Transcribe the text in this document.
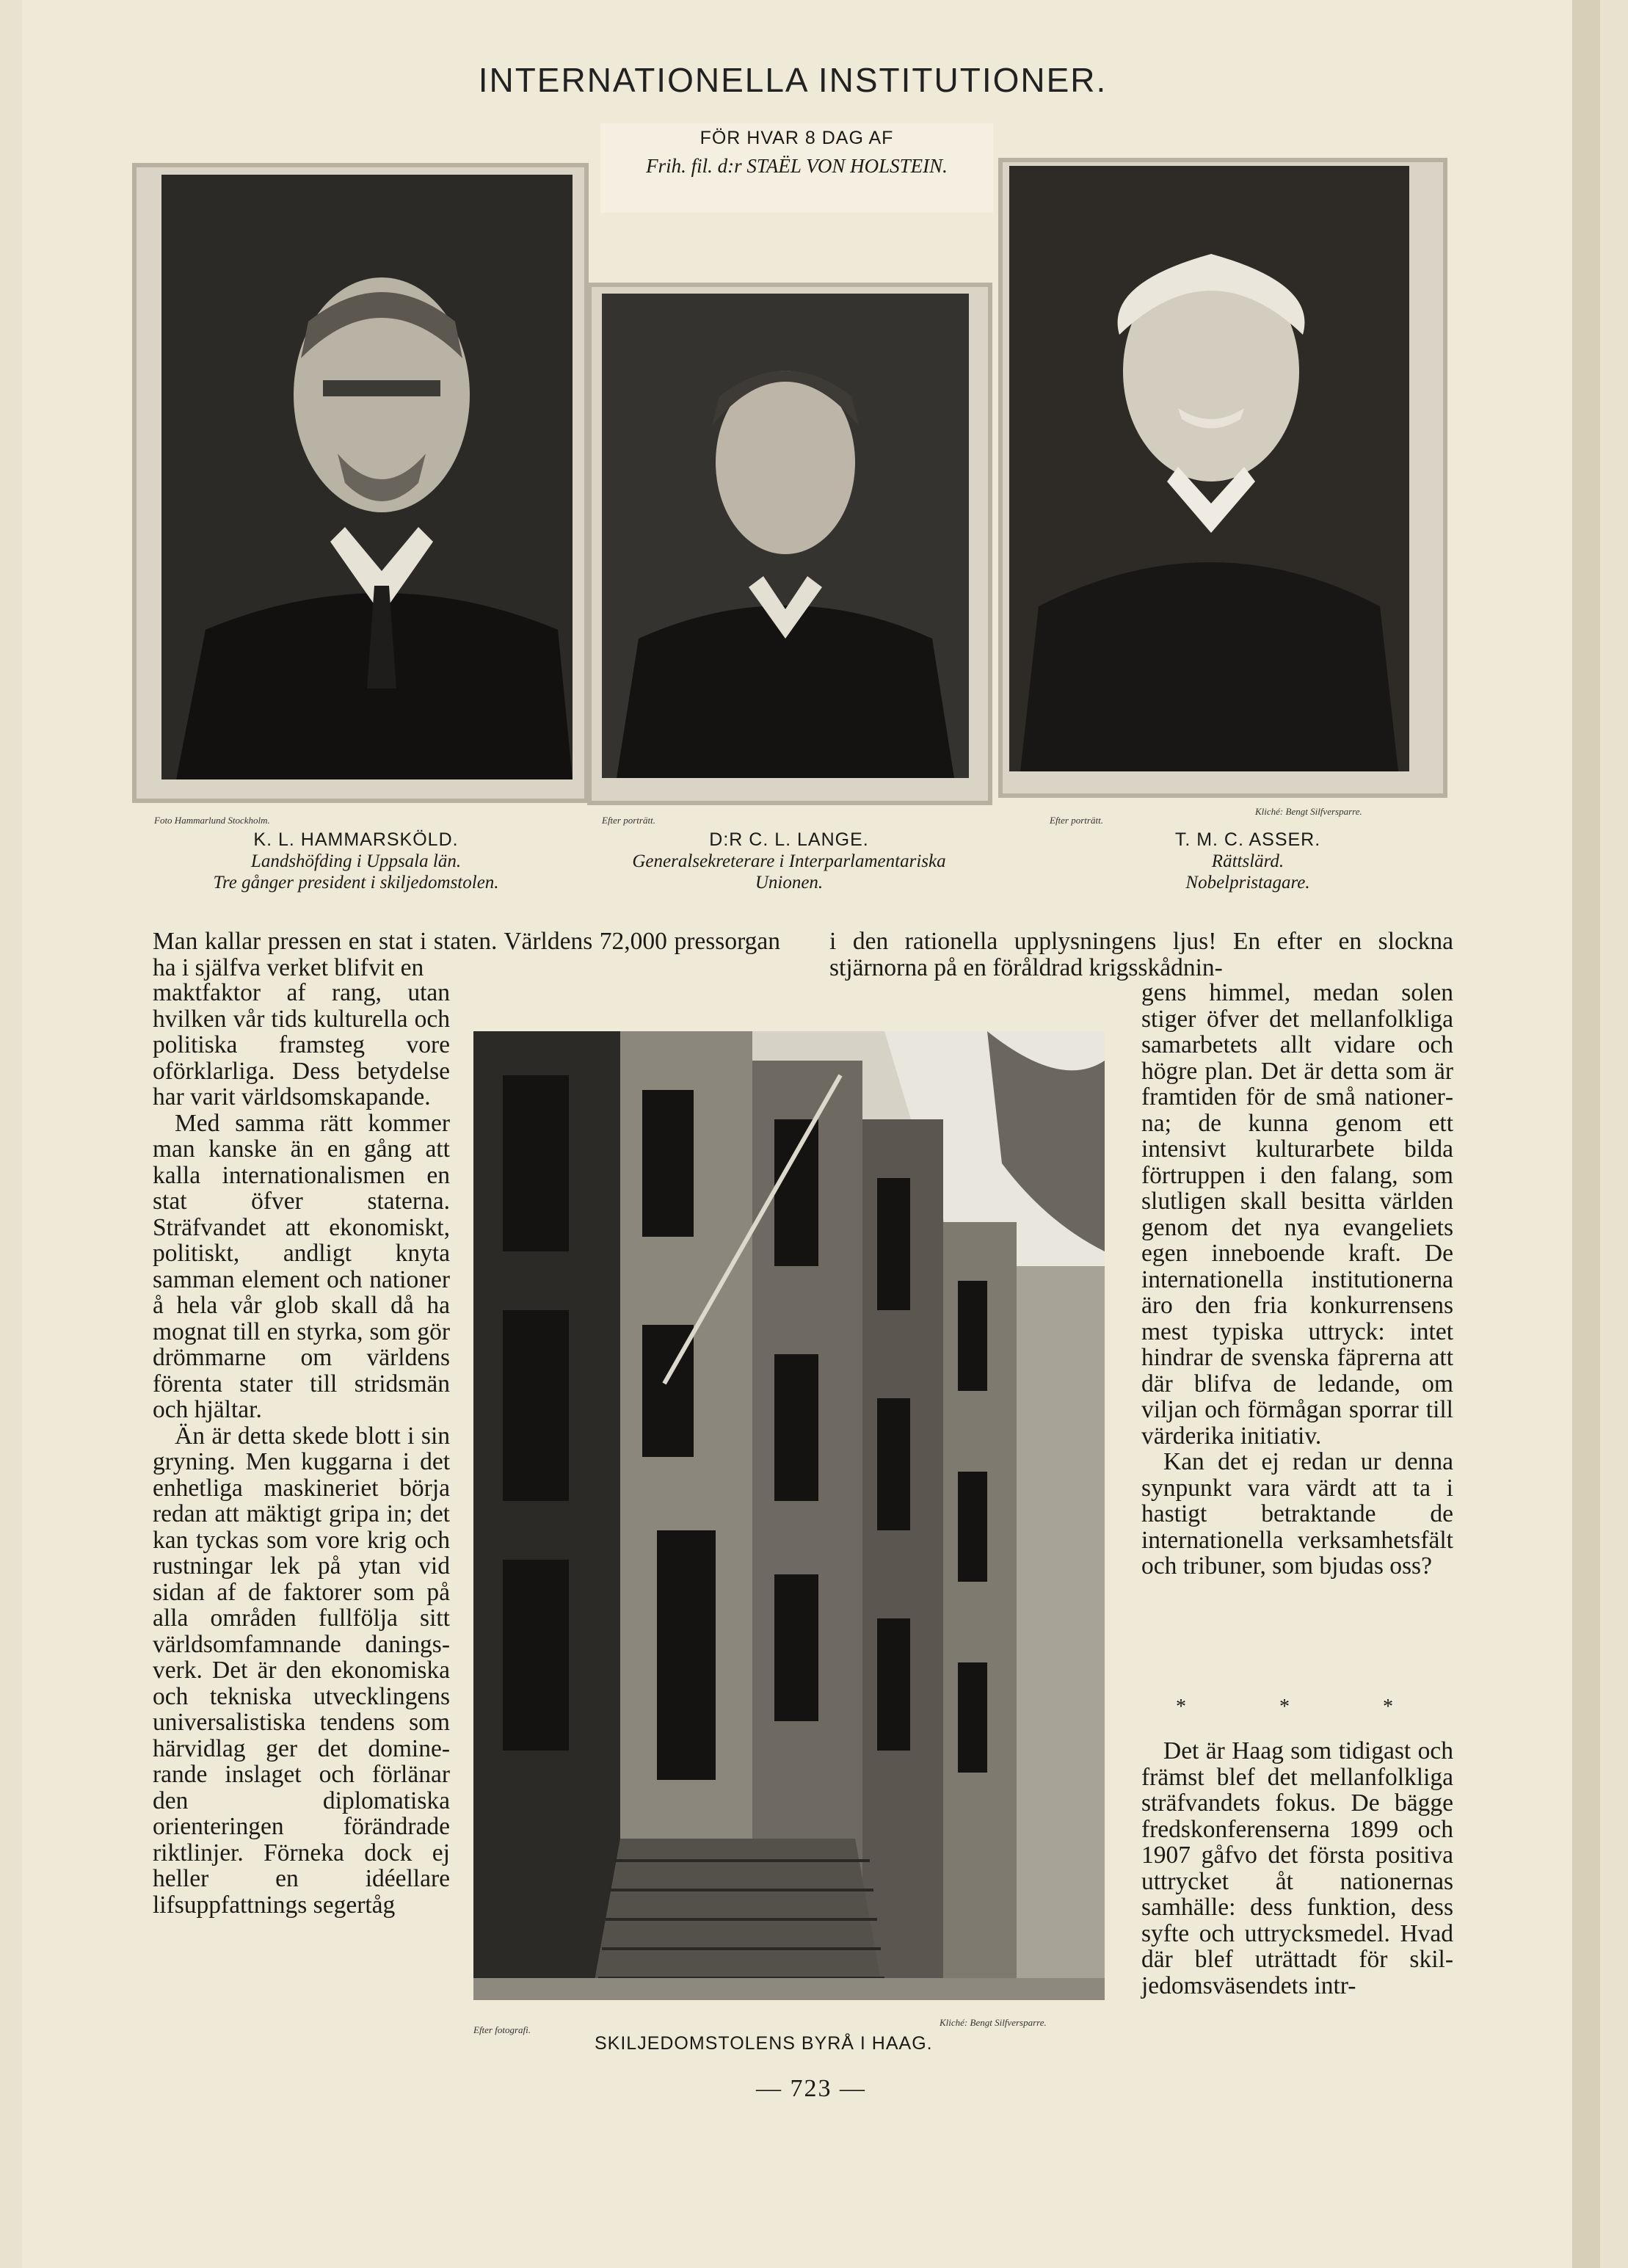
INTERNATIONELLA INSTITUTIONER.
FÖR HVAR 8 DAG AF
Frih. fil. d:r STAËL VON HOLSTEIN.
Foto Hammarlund Stockholm.
K. L. HAMMARSKÖLD.
Landshöfding i Uppsala län.
Tre gånger president i skiljedomstolen.
Efter porträtt.
D:R C. L. LANGE.
Generalsekreterare i Interparlamentariska
Unionen.
Efter porträtt.
Kliché: Bengt Silfversparre.
T. M. C. ASSER.
Rättslärd.
Nobelpristagare.
Man kallar pressen en stat i staten. Världens 72,000 pressorgan ha i själfva verket blifvit en
i den rationella upplysningens ljus! En efter en slockna stjärnorna på en föråldrad krigsskådnin-
Efter fotografi.
Kliché: Bengt Silfversparre.
SKILJEDOMSTOLENS BYRÅ I HAAG.

maktfaktor af rang, utan hvilken vår tids kulturella och politiska framsteg vore oförklarliga. Dess betydelse har varit världsomskapande.

Med samma rätt kommer man kanske än en gång att kalla internationalismen en stat öfver staterna. Sträfvandet att ekonomiskt, politiskt, andligt knyta samman element och nationer å hela vår glob skall då ha mognat till en styrka, som gör drömmarne om världens förenta stater till stridsmän och hjältar.

Än är detta skede blott i sin gryning. Men kuggarna i det enhetliga maskineriet börja redan att mäktigt gripa in; det kan tyckas som vore krig och rustningar lek på ytan vid sidan af de faktorer som på alla områden fullfölja sitt världsomfamnande daningsverk. Det är den ekonomiska och tekniska utvecklingens universalistiska tendens som härvidlag ger det dominerande inslaget och förlänar den diplomatiska orienteringen förändrade riktlinjer. Förneka dock ej heller en idéellare lifsuppfattnings segertåg

gens himmel, medan solen stiger öfver det mellanfolkliga samarbetets allt vidare och högre plan. Det är detta som är framtiden för de små nationerna; de kunna genom ett intensivt kulturarbete bilda förtruppen i den falang, som slutligen skall besitta världen genom det nya evangeliets egen inneboende kraft. De internationella institutionerna äro den fria konkurrensens mest typiska uttryck: intet hindrar de svenska fäргerna att där blifva de ledande, om viljan och förmågan sporrar till värderika initiativ.

Kan det ej redan ur denna synpunkt vara värdt att ta i hastigt betraktande de internationella verksamhetsfält och tribuner, som bjudas oss?

* * *

Det är Haag som tidigast och främst blef det mellanfolkliga sträfvandets fokus. De bägge fredskonferenserna 1899 och 1907 gåfvo det första positiva uttrycket åt nationernas samhälle: dess funktion, dess syfte och uttrycksmedel. Hvad där blef uträttadt för skiljedomsväsendets intr-

— 723 —
